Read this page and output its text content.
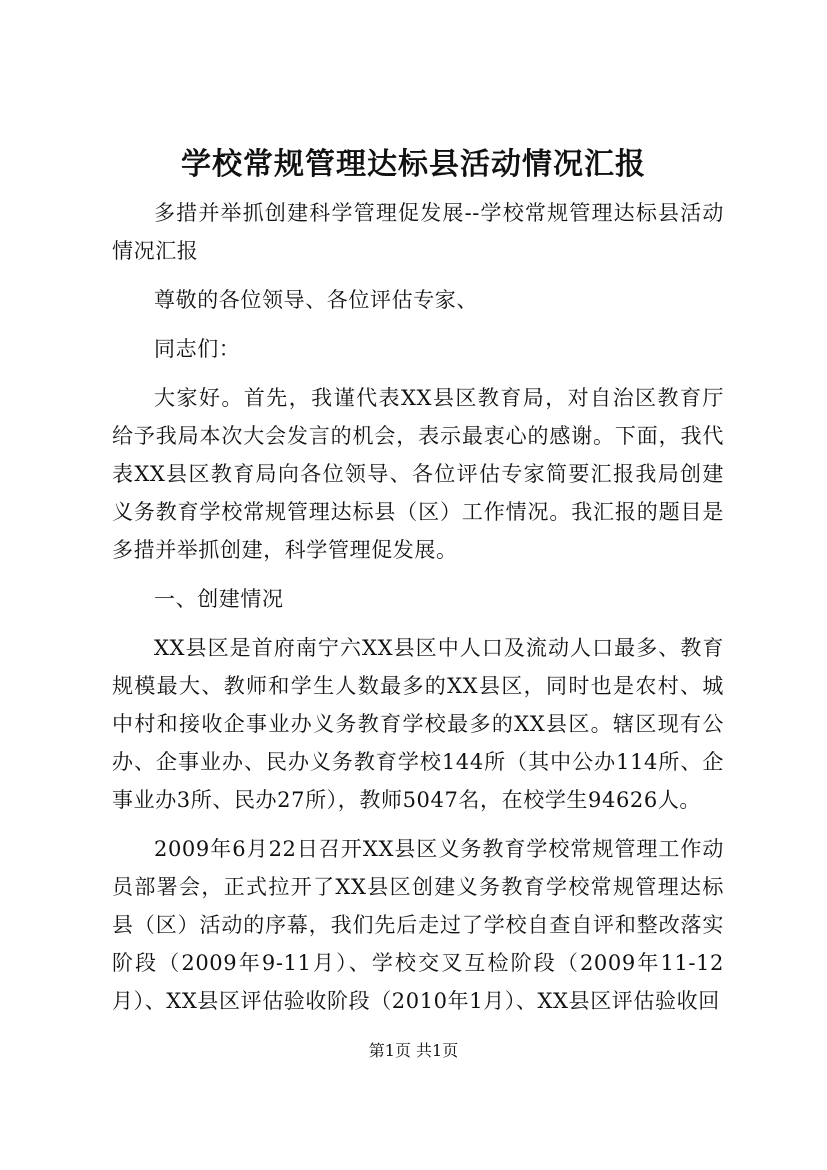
学校常规管理达标县活动情况汇报

多措并举抓创建科学管理促发展--学校常规管理达标县活动情况汇报

尊敬的各位领导、各位评估专家、

同志们：

大家好。首先，我谨代表XX县区教育局，对自治区教育厅给予我局本次大会发言的机会，表示最衷心的感谢。下面，我代表XX县区教育局向各位领导、各位评估专家简要汇报我局创建义务教育学校常规管理达标县（区）工作情况。我汇报的题目是多措并举抓创建，科学管理促发展。

一、创建情况

XX县区是首府南宁六XX县区中人口及流动人口最多、教育规模最大、教师和学生人数最多的XX县区，同时也是农村、城中村和接收企事业办义务教育学校最多的XX县区。辖区现有公办、企事业办、民办义务教育学校144所（其中公办114所、企事业办3所、民办27所），教师5047名，在校学生94626人。

2009年6月22日召开XX县区义务教育学校常规管理工作动员部署会，正式拉开了XX县区创建义务教育学校常规管理达标县（区）活动的序幕，我们先后走过了学校自查自评和整改落实阶段（2009年9-11月）、学校交叉互检阶段（2009年11-12月）、XX县区评估验收阶段（2010年1月）、XX县区评估验收回

第1页 共1页
